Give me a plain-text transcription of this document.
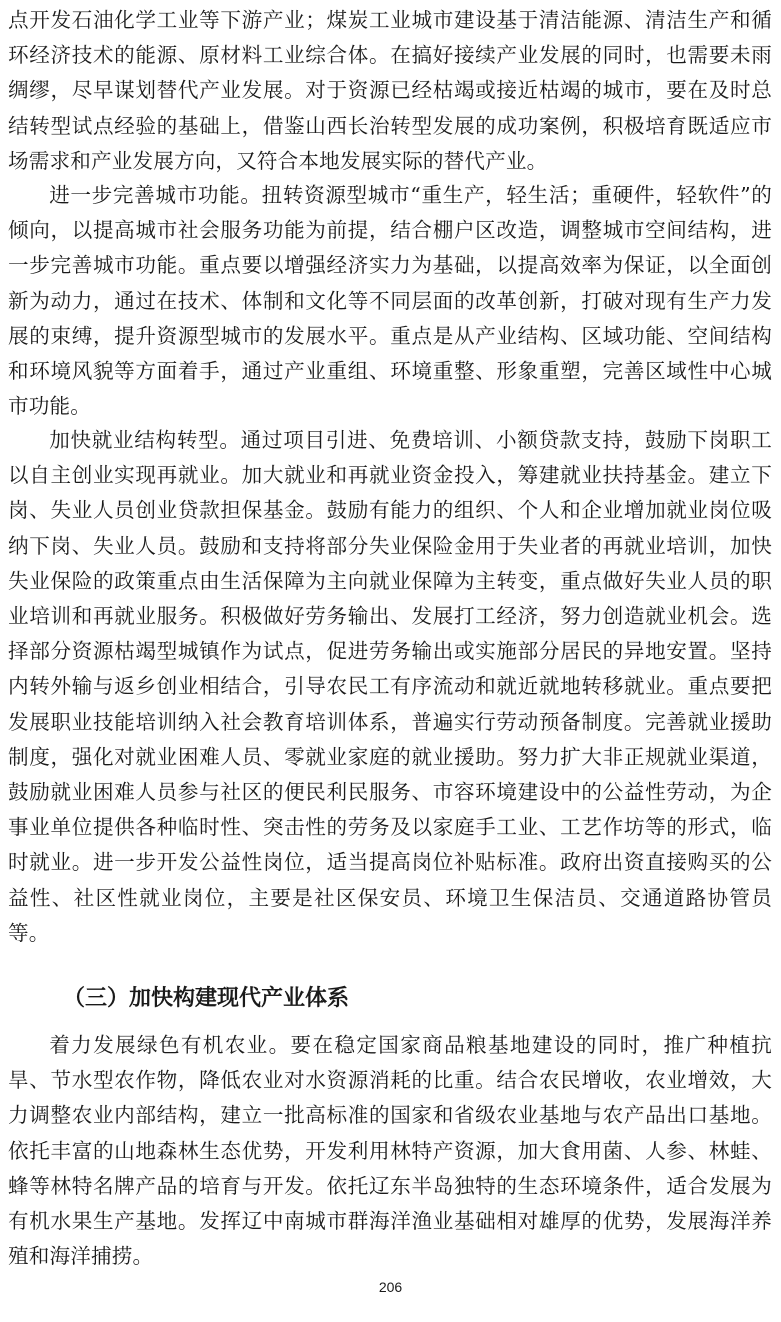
点开发石油化学工业等下游产业；煤炭工业城市建设基于清洁能源、清洁生产和循环经济技术的能源、原材料工业综合体。在搞好接续产业发展的同时，也需要未雨绸缪，尽早谋划替代产业发展。对于资源已经枯竭或接近枯竭的城市，要在及时总结转型试点经验的基础上，借鉴山西长治转型发展的成功案例，积极培育既适应市场需求和产业发展方向，又符合本地发展实际的替代产业。

进一步完善城市功能。扭转资源型城市“重生产，轻生活；重硬件，轻软件”的倾向，以提高城市社会服务功能为前提，结合棚户区改造，调整城市空间结构，进一步完善城市功能。重点要以增强经济实力为基础，以提高效率为保证，以全面创新为动力，通过在技术、体制和文化等不同层面的改革创新，打破对现有生产力发展的束缚，提升资源型城市的发展水平。重点是从产业结构、区域功能、空间结构和环境风貌等方面着手，通过产业重组、环境重整、形象重塑，完善区域性中心城市功能。

加快就业结构转型。通过项目引进、免费培训、小额贷款支持，鼓励下岗职工以自主创业实现再就业。加大就业和再就业资金投入，筹建就业扶持基金。建立下岗、失业人员创业贷款担保基金。鼓励有能力的组织、个人和企业增加就业岗位吸纳下岗、失业人员。鼓励和支持将部分失业保险金用于失业者的再就业培训，加快失业保险的政策重点由生活保障为主向就业保障为主转变，重点做好失业人员的职业培训和再就业服务。积极做好劳务输出、发展打工经济，努力创造就业机会。选择部分资源枯竭型城镇作为试点，促进劳务输出或实施部分居民的异地安置。坚持内转外输与返乡创业相结合，引导农民工有序流动和就近就地转移就业。重点要把发展职业技能培训纳入社会教育培训体系，普遍实行劳动预备制度。完善就业援助制度，强化对就业困难人员、零就业家庭的就业援助。努力扩大非正规就业渠道，鼓励就业困难人员参与社区的便民利民服务、市容环境建设中的公益性劳动，为企事业单位提供各种临时性、突击性的劳务及以家庭手工业、工艺作坊等的形式，临时就业。进一步开发公益性岗位，适当提高岗位补贴标准。政府出资直接购买的公益性、社区性就业岗位，主要是社区保安员、环境卫生保洁员、交通道路协管员等。

（三）加快构建现代产业体系

着力发展绿色有机农业。要在稳定国家商品粮基地建设的同时，推广种植抗旱、节水型农作物，降低农业对水资源消耗的比重。结合农民增收，农业增效，大力调整农业内部结构，建立一批高标准的国家和省级农业基地与农产品出口基地。依托丰富的山地森林生态优势，开发利用林特产资源，加大食用菌、人参、林蛙、蜂等林特名牌产品的培育与开发。依托辽东半岛独特的生态环境条件，适合发展为有机水果生产基地。发挥辽中南城市群海洋渔业基础相对雄厚的优势，发展海洋养殖和海洋捕捞。

206
